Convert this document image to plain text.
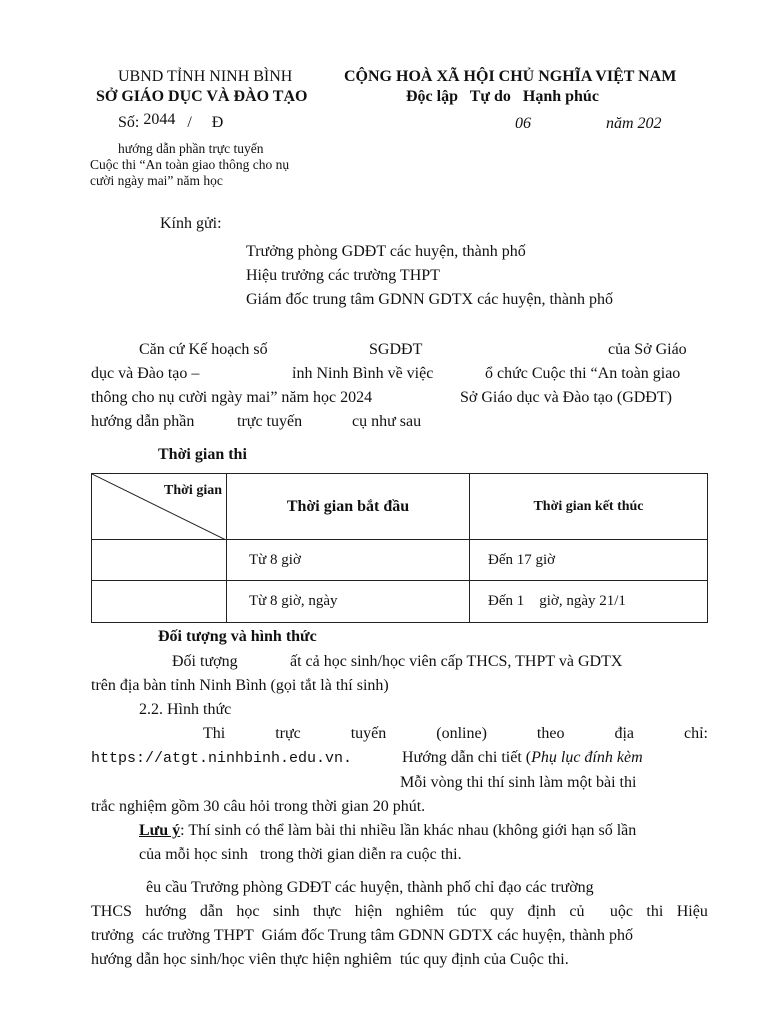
UBND TỈNH NINH BÌNH
SỞ GIÁO DỤC VÀ ĐÀO TẠO
Số: 2044 / Đ
hướng dẫn phần trực tuyến
Cuộc thi “An toàn giao thông cho nụ
cười ngày mai” năm học
CỘNG HOÀ XÃ HỘI CHỦ NGHĨA VIỆT NAM
Độc lập   Tự do   Hạnh phúc
06	năm 202
Kính gửi:
Trưởng phòng GDĐT các huyện, thành phố
Hiệu trưởng các trường THPT
Giám đốc trung tâm GDNN GDTX các huyện, thành phố
Căn cứ Kế hoạch số	SGDĐT	của Sở Giáo
dục và Đào tạo –	ỉnh Ninh Bình về việc	ổ chức Cuộc thi “An toàn giao
thông cho nụ cười ngày mai” năm học 2024	Sở Giáo dục và Đào tạo (GDĐT)
hướng dẫn phần	trực tuyến	cụ như sau
Thời gian thi
Thời gian	Thời gian bắt đầu	Thời gian kết thúc
	Từ 8 giờ	Đến 17 giờ
	Từ 8 giờ, ngày	Đến 1    giờ, ngày 21/1
Đối tượng và hình thức
Đối tượng	ất cả học sinh/học viên cấp THCS, THPT và GDTX
trên địa bàn tỉnh Ninh Bình (gọi tắt là thí sinh)
2.2. Hình thức
Thi	trực	tuyến	(online)	theo	địa	chỉ:
https://atgt.ninhbinh.edu.vn.	Hướng dẫn chi tiết (Phụ lục đính kèm
Mỗi vòng thi thí sinh làm một bài thi
trắc nghiệm gồm 30 câu hỏi trong thời gian 20 phút.
Lưu ý: Thí sinh có thể làm bài thi nhiều lần khác nhau (không giới hạn số lần
của mỗi học sinh   trong thời gian diễn ra cuộc thi.
êu cầu Trưởng phòng GDĐT các huyện, thành phố chỉ đạo các trường
THCS hướng dẫn học sinh thực hiện nghiêm túc quy định củ uộc thi Hiệu
trưởng  các trường THPT  Giám đốc Trung tâm GDNN GDTX các huyện, thành phố
hướng dẫn học sinh/học viên thực hiện nghiêm  túc quy định của Cuộc thi.
